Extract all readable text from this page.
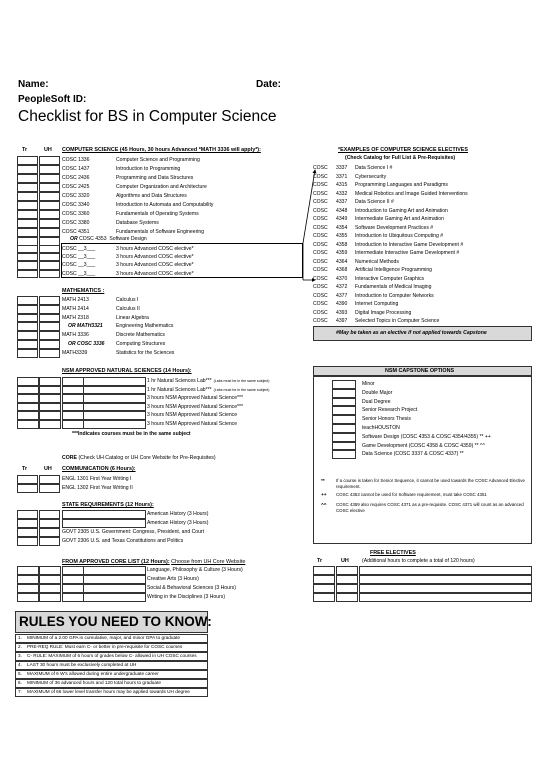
Name:	Date:
PeopleSoft ID:
Checklist for BS in Computer Science
Tr	UH COMPUTER SCIENCE (45 Hours, 30 hours Advanced *MATH 3336 will apply*):
COSC 1336	Computer Science and Programming
COSC 1437	Introduction to Programming
COSC 2436	Programming and Data Structures
COSC 2425	Computer Organization and Architecture
COSC 3320	Algorithms and Data Structures
COSC 3340	Introduction to Automata and Computability
COSC 3360	Fundamentals of Operating Systems
COSC 3380	Database Systems
COSC 4351	Fundamentals of Software Engineering
OR COSC 4353  Software Design
COSC __3___	3 hours Advanced COSC elective*
COSC __3___	3 hours Advanced COSC elective*
COSC __3___	3 hours Advanced COSC elective*
COSC __3___	3 hours Advanced COSC elective*
*EXAMPLES OF COMPUTER SCIENCE ELECTIVES
(Check Catalog for Full List & Pre-Requisites)
COSC 3337 Data Science I #
COSC 3371 Cybersecurity
COSC 4315 Programming Languages and Paradigms
COSC 4332 Medical Robotics and Image Guided Interventions
COSC 4337 Data Science II #
COSC 4348 Introduction to Gaming Art and Animation
COSC 4349 Intermediate Gaming Art and Animation
COSC 4354 Software Development Practices #
COSC 4355 Introduction to Ubiquitous Computing #
COSC 4358 Introduction to Interactive Game Development #
COSC 4359 Intermediate Interactive Game Development #
COSC 4364 Numerical Methods
COSC 4368 Artificial Intelligence Programming
COSC 4370 Interactive Computer Graphics
COSC 4372 Fundamentals of Medical Imaging
COSC 4377 Introduction to Computer Networks
COSC 4390 Internet Computing
COSC 4393 Digital Image Processing
COSC 4397 Selected Topics in Computer Science
#May be taken as an elective if not applied towards Capstone
MATHEMATICS :
MATH 2413	Calculus I
MATH 2414	Calculus II
MATH 2318	Linear Algebra
OR MATH3321	Engineering Mathematics
MATH 3336	Discrete Mathematics
OR COSC 3336 Computing Structures
MATH3339	Statistics for the Sciences
NSM APPROVED NATURAL SCIENCES (14 Hours):
1 hr Natural Sciences Lab*** (Labs must be in the same subject)
1 hr Natural Sciences Lab*** (Labs must be in the same subject)
3 hours NSM Approved Natural Science***
3 hours NSM Approved Natural Science***
3 hours NSM Approved Natural Science
3 hours NSM Approved Natural Science
***Indicates courses must be in the same subject
NSM CAPSTONE OPTIONS
Minor
Double Major
Dual Degree
Senior Research Project
Senior Honors Thesis
teachHOUSTON
Software Design (COSC 4353 & COSC 4354/4355) ** ++
Game Development (COSC 4358 & COSC 4359) ** ^^
Data Science (COSC 3337 & COSC 4337) **
**	If a course is taken for Senior Sequence, it cannot be used towards the COSC Advanced Elective requirement.
++ COSC 4353 cannot be used for Software requirement, must take COSC 4351
^^ COSC 4359 also requires COSC 4371 as a pre-requisite. COSC 4371 will count as an advanced COSC elective
CORE (Check UH Catalog or UH Core Website for Pre-Requisites)
Tr	UH COMMUNICATION (6 Hours):
ENGL 1301 First Year Writing I
ENGL 1302 First Year Writing II
STATE REQUIREMENTS (12 Hours):
American History (3 Hours)
American History (3 Hours)
GOVT 2305 U.S. Government: Congress, President, and Court
GOVT 2306 U.S. and Texas Constitutions and Politics
FREE ELECTIVES
Tr	UH	(Additional hours to complete a total of 120 hours)
FROM APPROVED CORE LIST (12 Hours): Choose from UH Core Website
Language, Philosophy & Culture (3 Hours)
Creative Arts (3 Hours)
Social & Behavioral Sciences (3 Hours)
Writing in the Disciplines (3 Hours)
RULES YOU NEED TO KNOW:
1. MINIMUM of a 2.00 GPA in cumulative, major, and minor GPA to graduate
2. PRE-REQ RULE: Must earn C- or better in pre-requisite for COSC courses
3. C- RULE: MAXIMUM of 6 hours of grades below C- allowed in UH COSC courses
4. LAST 30 hours must be exclusively completed at UH
5. MAXIMUM of 6 W's allowed during entire undergraduate career
6. MINIMUM of 36 advanced hours and 120 total hours to graduate
7. MAXIMUM of 66 lower level transfer hours may be applied towards UH degree
